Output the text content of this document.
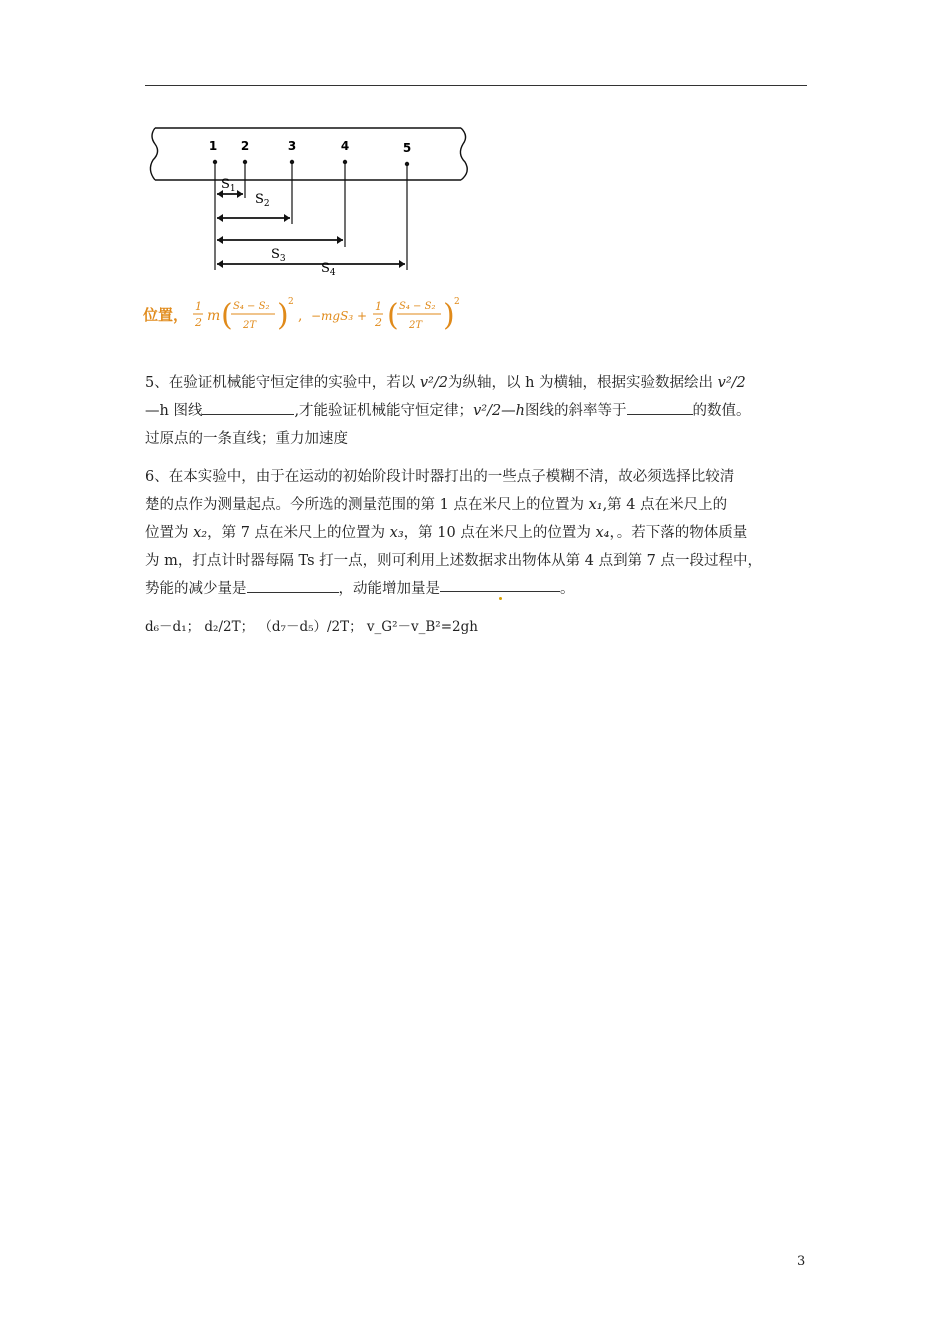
1 2	3	4	5
$S_1$
$S_2$
$S_3$
$S_4$
位置， 1
2 m ( S₄ − S₂
2T ) 2
, −mgS₃ +
1
2 ( S₄ − S₂
2T ) 2

5、在验证机械能守恒定律的实验中，若以 v²/2为纵轴，以 h 为横轴，根据实验数据绘出 v²/2

—h 图线	,才能验证机械能守恒定律；v²/2—h图线的斜率等于	的数值。

过原点的一条直线；重力加速度

6、在本实验中，由于在运动的初始阶段计时器打出的一些点子模糊不清，故必须选择比较清

楚的点作为测量起点。今所选的测量范围的第 1 点在米尺上的位置为 x₁,第 4 点在米尺上的

位置为 x₂，第 7 点在米尺上的位置为 x₃，第 10 点在米尺上的位置为 x₄，。若下落的物体质量

为 m，打点计时器每隔 Ts 打一点，则可利用上述数据求出物体从第 4 点到第 7 点一段过程中，

势能的减少量是	，动能增加量是	。

d₆－d₁； d₂/2T； （d₇－d₅）/2T； v_G²－v_B²=2gh
3
